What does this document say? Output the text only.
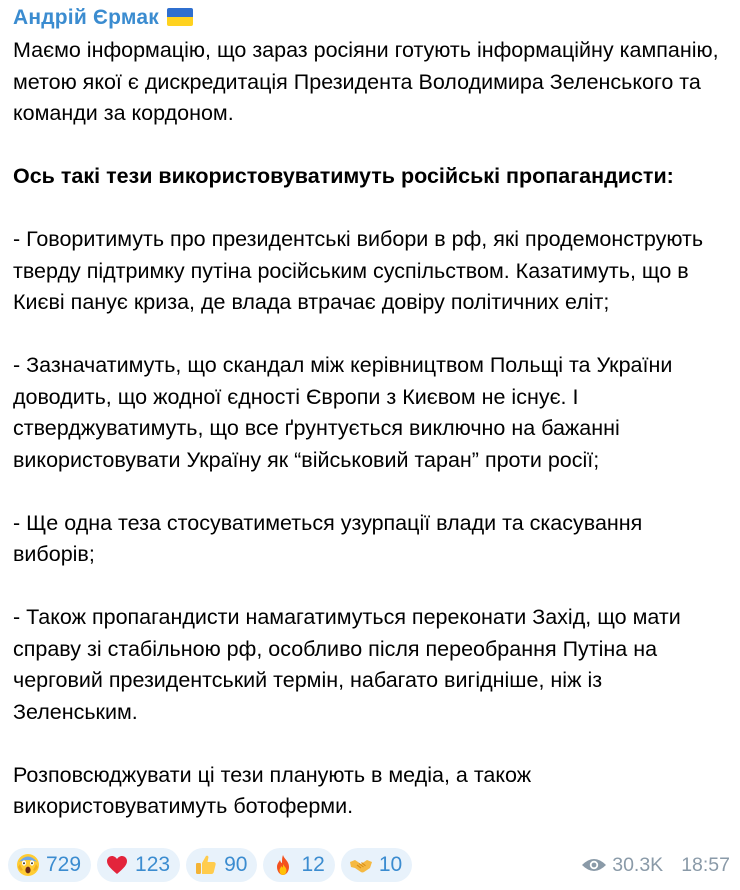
Андрій Єрмак

Маємо інформацію, що зараз росіяни готують інформаційну кампанію, метою якої є дискредитація Президента Володимира Зеленського та команди за кордоном.

Ось такі тези використовуватимуть російські пропагандисти:

- Говоритимуть про президентські вибори в рф, які продемонструють тверду підтримку путіна російським суспільством. Казатимуть, що в Києві панує криза, де влада втрачає довіру політичних еліт;

- Зазначатимуть, що скандал між керівництвом Польщі та України доводить, що жодної єдності Європи з Києвом не існує. І стверджуватимуть, що все ґрунтується виключно на бажанні використовувати Україну як “військовий таран” проти росії;

- Ще одна теза стосуватиметься узурпації влади та скасування виборів;

- Також пропагандисти намагатимуться переконати Захід, що мати справу зі стабільною рф, особливо після переобрання Путіна на черговий президентський термін, набагато вигідніше, ніж із Зеленським.

Розповсюджувати ці тези планують в медіа, а також використовуватимуть ботоферми.

729	123	90	12	10	30.3K 18:57
